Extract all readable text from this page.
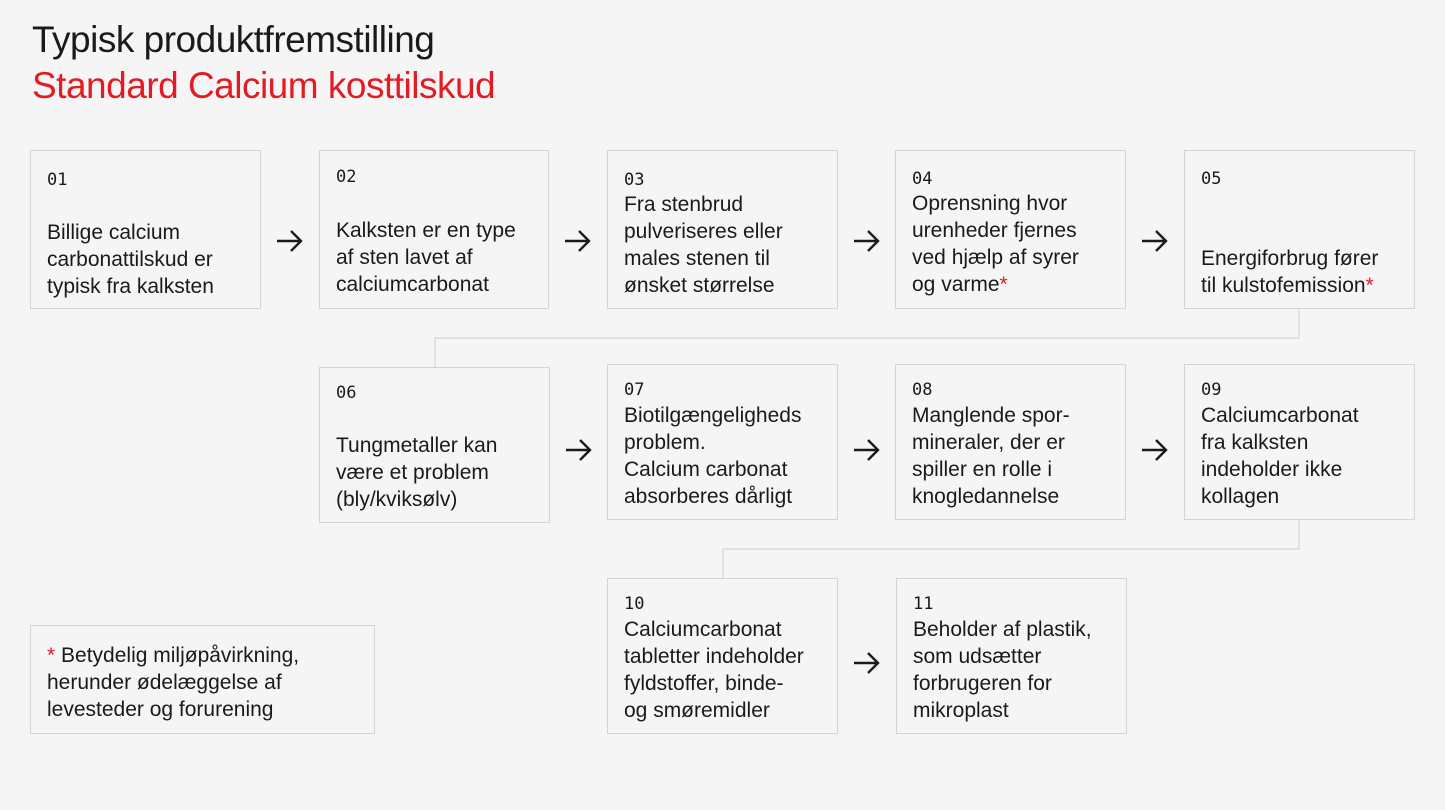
Typisk produktfremstilling
Standard Calcium kosttilskud
01
Billige calcium
carbonattilskud er
typisk fra kalksten
02
Kalksten er en type
af sten lavet af
calciumcarbonat
03
Fra stenbrud
pulveriseres eller
males stenen til
ønsket størrelse
04
Oprensning hvor
urenheder fjernes
ved hjælp af syrer
og varme*
05
Energiforbrug fører
til kulstofemission*
06
Tungmetaller kan
være et problem
(bly/kviksølv)
07
Biotilgængeligheds
problem.
Calcium carbonat
absorberes dårligt
08
Manglende spor-
mineraler, der er
spiller en rolle i
knogledannelse
09
Calciumcarbonat
fra kalksten
indeholder ikke
kollagen
10
Calciumcarbonat
tabletter indeholder
fyldstoffer, binde-
og smøremidler
11
Beholder af plastik,
som udsætter
forbrugeren for
mikroplast
* Betydelig miljøpåvirkning,
herunder ødelæggelse af
levesteder og forurening
